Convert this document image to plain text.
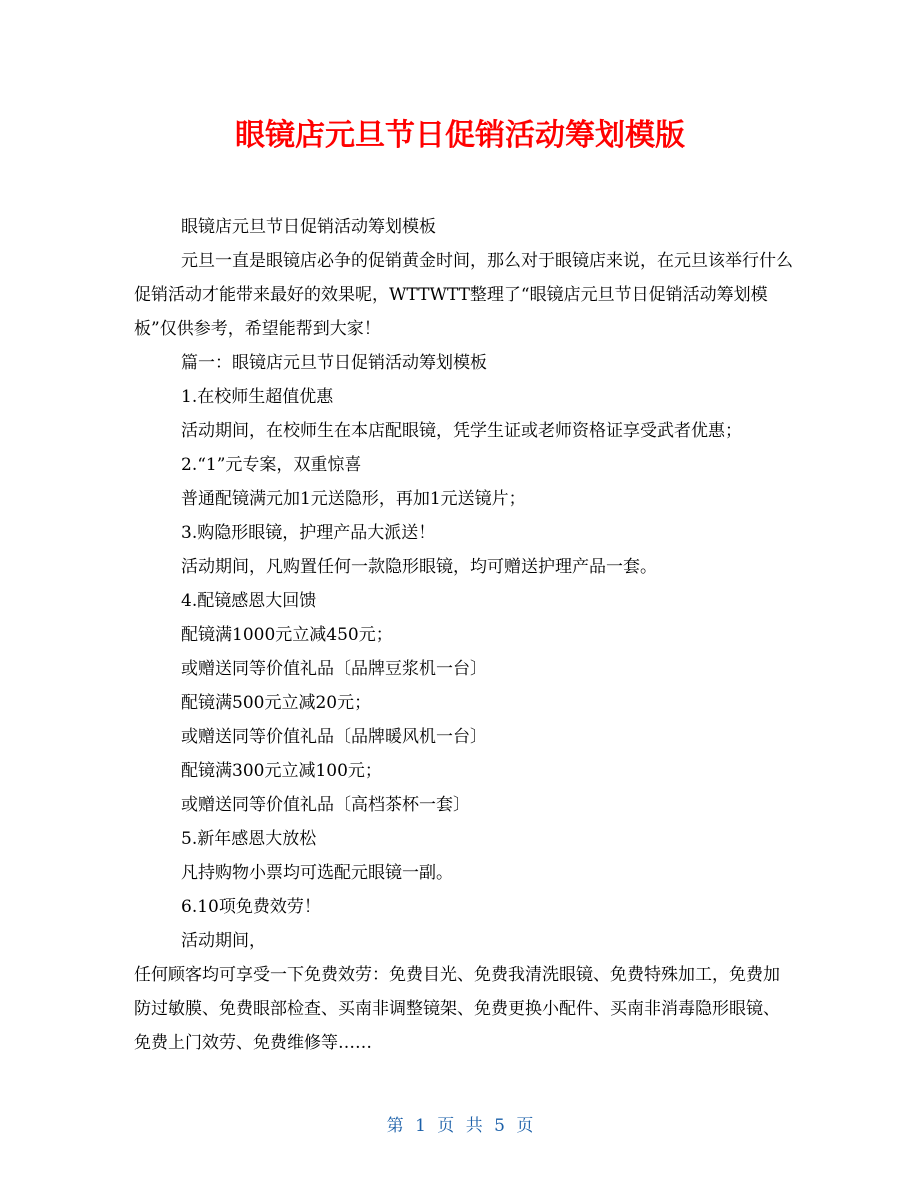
眼镜店元旦节日促销活动筹划模版

眼镜店元旦节日促销活动筹划模板

元旦一直是眼镜店必争的促销黄金时间，那么对于眼镜店来说，在元旦该举行什么促销活动才能带来最好的效果呢，WTTWTT整理了“眼镜店元旦节日促销活动筹划模板”仅供参考，希望能帮到大家！

篇一：眼镜店元旦节日促销活动筹划模板

1.在校师生超值优惠

活动期间，在校师生在本店配眼镜，凭学生证或老师资格证享受武者优惠；

2.“1”元专案，双重惊喜

普通配镜满元加1元送隐形，再加1元送镜片；

3.购隐形眼镜，护理产品大派送！

活动期间，凡购置任何一款隐形眼镜，均可赠送护理产品一套。

4.配镜感恩大回馈

配镜满1000元立减450元；

或赠送同等价值礼品〔品牌豆浆机一台〕

配镜满500元立减20元；

或赠送同等价值礼品〔品牌暖风机一台〕

配镜满300元立减100元；

或赠送同等价值礼品〔高档茶杯一套〕

5.新年感恩大放松

凡持购物小票均可选配元眼镜一副。

6.10项免费效劳！

活动期间，

任何顾客均可享受一下免费效劳：免费目光、免费我清洗眼镜、免费特殊加工，免费加防过敏膜、免费眼部检查、买南非调整镜架、免费更换小配件、买南非消毒隐形眼镜、免费上门效劳、免费维修等……

第 1 页 共 5 页
